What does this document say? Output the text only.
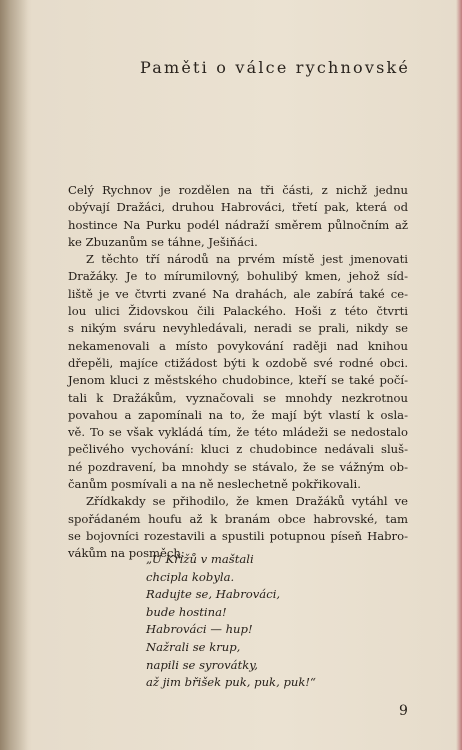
Paměti o válce rychnovské
Celý Rychnov je rozdělen na tři části, z nichž jednu
obývají Dražáci, druhou Habrováci, třetí pak, která od
hostince Na Purku podél nádraží směrem půlnočním až
ke Zbuzanům se táhne, Ješiňáci.
Z těchto tří národů na prvém místě jest jmenovati
Dražáky. Je to mírumilovný, bohulibý kmen, jehož síd-
liště je ve čtvrti zvané Na drahách, ale zabírá také ce-
lou ulici Židovskou čili Palackého. Hoši z této čtvrti
s nikým sváru nevyhledávali, neradi se prali, nikdy se
nekamenovali a místo povykování raději nad knihou
dřepěli, majíce ctižádost býti k ozdobě své rodné obci.
Jenom kluci z městského chudobince, kteří se také počí-
tali k Dražákům, vyznačovali se mnohdy nezkrotnou
povahou a zapomínali na to, že mají být vlastí k osla-
vě. To se však vykládá tím, že této mládeži se nedostalo
pečlivého vychování: kluci z chudobince nedávali sluš-
né pozdravení, ba mnohdy se stávalo, že se vážným ob-
čanům posmívali a na ně neslechetně pokřikovali.
Zřídkakdy se přihodilo, že kmen Dražáků vytáhl ve
spořádaném houfu až k branám obce habrovské, tam
se bojovníci rozestavili a spustili potupnou píseň Habro-
vákům na posměch:
„U Křižů v maštali
chcipla kobyla.
Radujte se, Habrováci,
bude hostina!
Habrováci — hup!
Nažrali se krup,
napili se syrovátky,
až jim břišek puk, puk, puk!“
9
